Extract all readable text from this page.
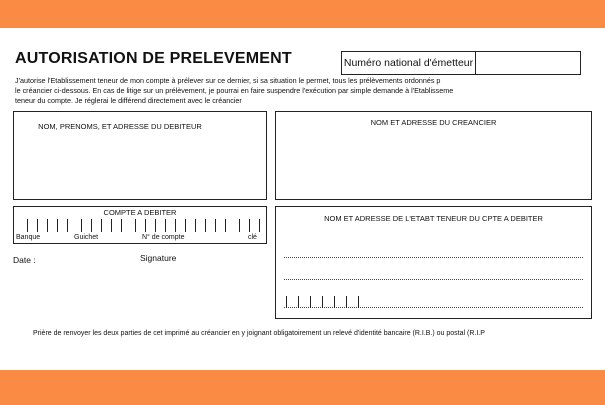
AUTORISATION DE PRELEVEMENT	Numéro national d'émetteur
J'autorise l'Etablissement teneur de mon compte à prélever sur ce dernier, si sa situation le permet, tous les prélèvements ordonnés p
le créancier ci-dessous. En cas de litige sur un prélèvement, je pourrai en faire suspendre l'exécution par simple demande à l'Etablisseme
teneur du compte. Je réglerai le différend directement avec le créancier
NOM, PRENOMS, ET ADRESSE DU DEBITEUR	NOM ET ADRESSE DU CREANCIER
COMPTE A DEBITER
Banque	Guichet	N° de compte	clé
NOM ET ADRESSE DE L'ETABT TENEUR DU CPTE A DEBITER
Date :	Signature
Prière de renvoyer les deux parties de cet imprimé au créancier en y joignant obligatoirement un relevé d'identité bancaire (R.I.B.) ou postal (R.I.P
